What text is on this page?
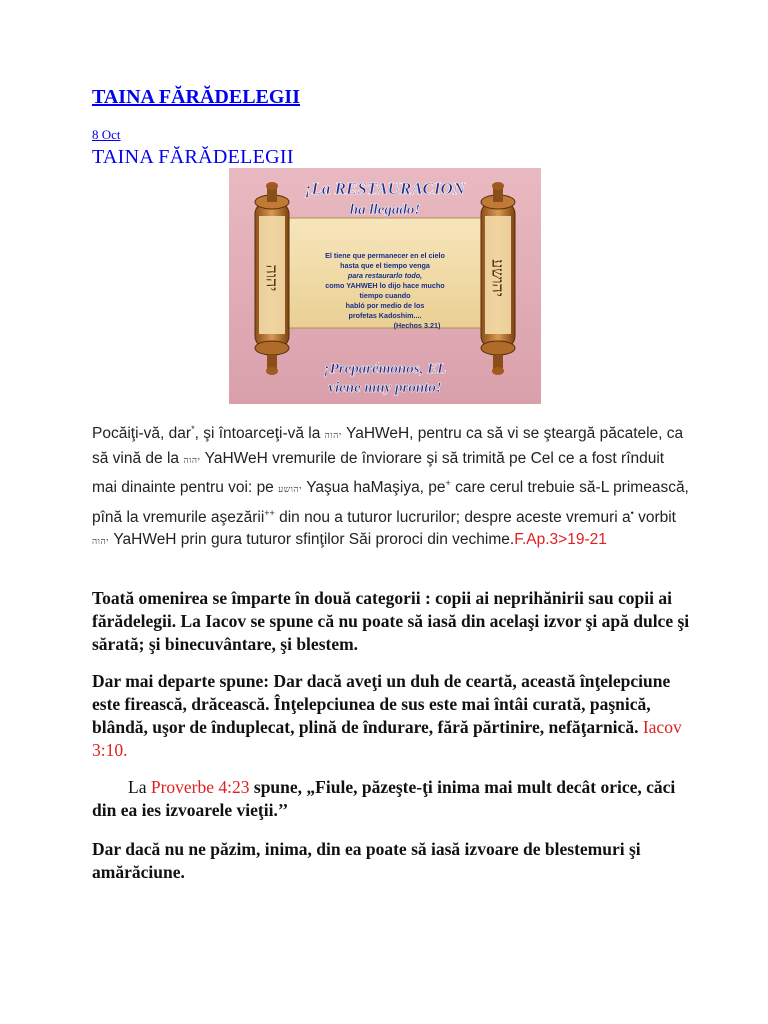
TAINA FĂRĂDELEGII
8 Oct
TAINA FĂRĂDELEGII
יהוה	יהושע
¡La RESTAURACION
ha llegado!
El tiene que permanecer en el cielo
hasta que el tiempo venga
para restaurarlo todo,
como YAHWEH lo dijo hace mucho
tiempo cuando
habló por medio de los
profetas Kadoshim....
(Hechos 3.21)
¡Preparémonos, EL
viene muy pronto!
Pocăiţi-vă, dar*, şi întoarceţi-vă la יהוה YaHWeH, pentru ca să vi se şteargă păcatele, ca să vină de la יהוה YaHWeH vremurile de înviorare şi să trimită pe Cel ce a fost rînduit mai dinainte pentru voi: pe יהושע Yaşua haMaşiya, pe+ care cerul trebuie să-L primească, pînă la vremurile aşezării++ din nou a tuturor lucrurilor; despre aceste vremuri a• vorbit יהוה YaHWeH prin gura tuturor sfinţilor Săi proroci din vechime.F.Ap.3>19-21

Toată omenirea se împarte în două categorii : copii ai neprihănirii sau copii ai fărădelegii. La Iacov se spune că nu poate să iasă din acelaşi izvor şi apă dulce şi sărată; şi binecuvântare, şi blestem.

Dar mai departe spune: Dar dacă aveţi un duh de ceartă, această înţelepciune este firească, drăcească. Înţelepciunea de sus este mai întâi curată, paşnică, blândă, uşor de înduplecat, plină de îndurare, fără părtinire, nefăţarnică. Iacov 3:10.

La Proverbe 4:23 spune, „Fiule, păzeşte-ţi inima mai mult decât orice, căci din ea ies izvoarele vieţii.’’

Dar dacă nu ne păzim, inima, din ea poate să iasă izvoare de blestemuri şi amărăciune.
